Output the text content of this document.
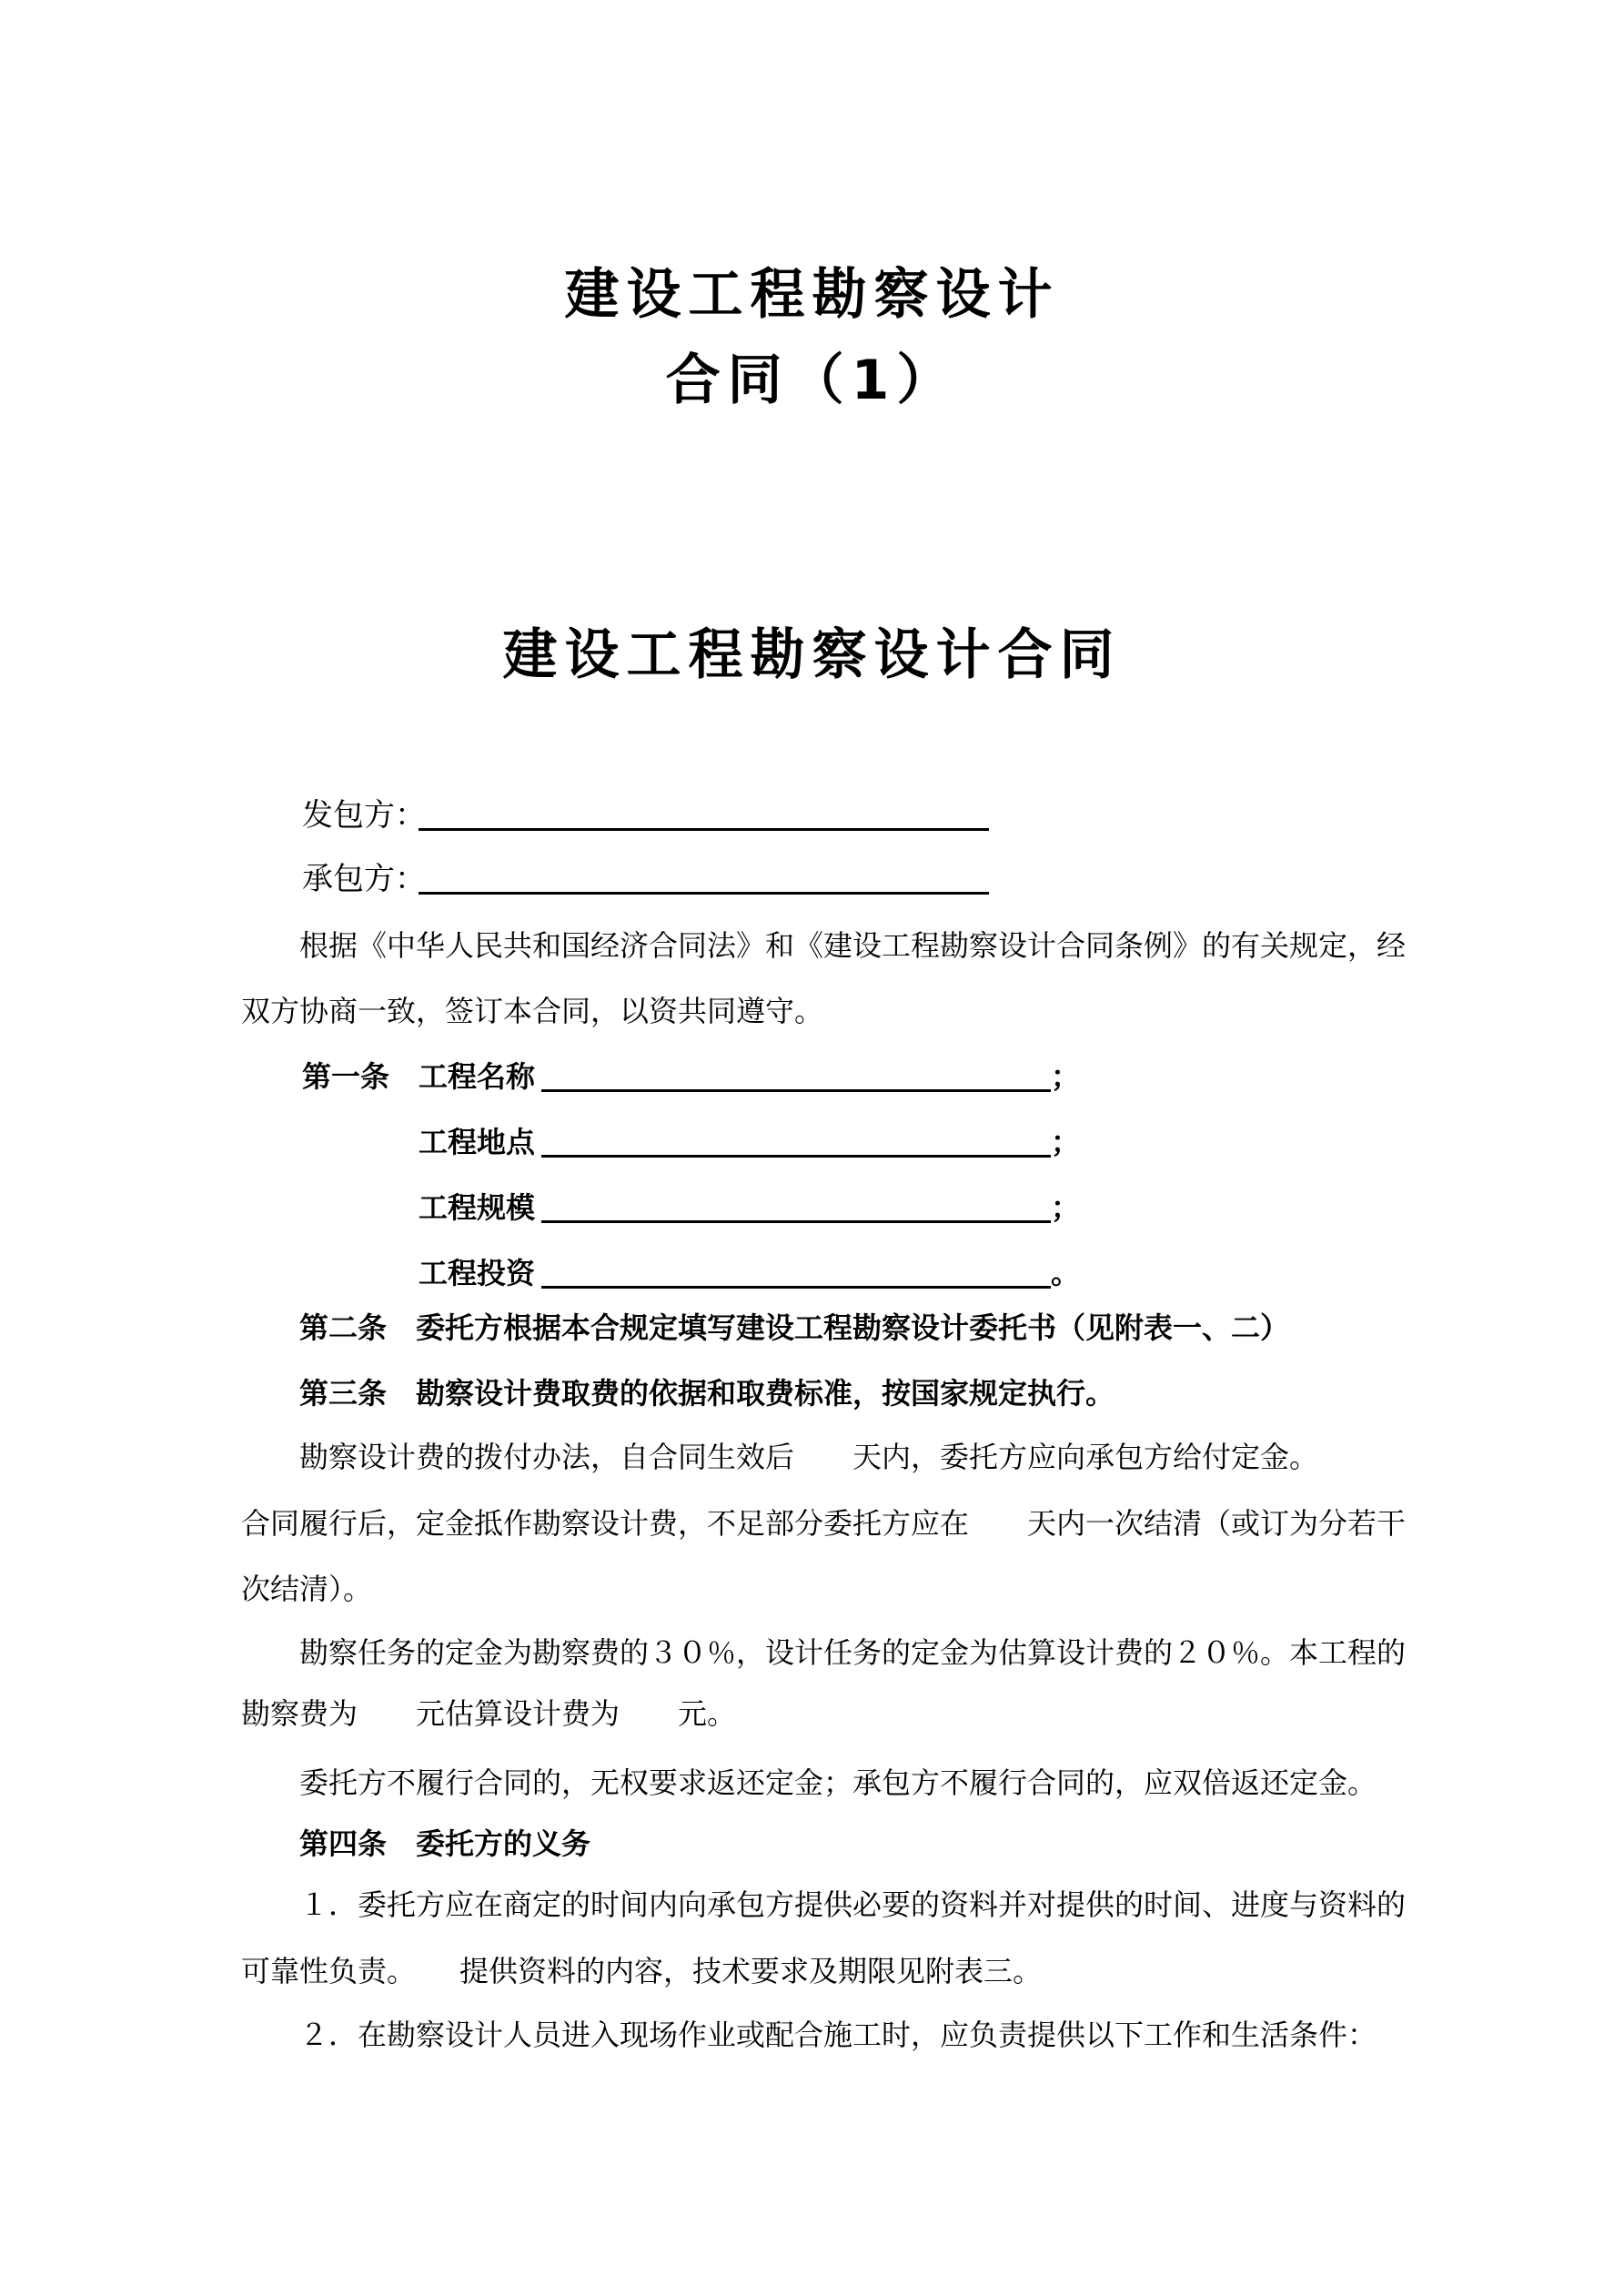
建设工程勘察设计
合同（1）
建设工程勘察设计合同
发包方：
承包方：
根据《中华人民共和国经济合同法》和《建设工程勘察设计合同条例》的有关规定，经
双方协商一致，签订本合同，以资共同遵守。
第一条 工程名称	；
工程地点	；
工程规模	；
工程投资	。
第二条　委托方根据本合规定填写建设工程勘察设计委托书（见附表一、二）
第三条　勘察设计费取费的依据和取费标准，按国家规定执行。
勘察设计费的拨付办法，自合同生效后　　天内，委托方应向承包方给付定金。
合同履行后，定金抵作勘察设计费，不足部分委托方应在　　天内一次结清（或订为分若干
次结清）。
勘察任务的定金为勘察费的３０％，设计任务的定金为估算设计费的２０％。本工程的
勘察费为　　元估算设计费为　　元。
委托方不履行合同的，无权要求返还定金；承包方不履行合同的，应双倍返还定金。
第四条　委托方的义务
１．委托方应在商定的时间内向承包方提供必要的资料并对提供的时间、进度与资料的
可靠性负责。　　提供资料的内容，技术要求及期限见附表三。
２．在勘察设计人员进入现场作业或配合施工时，应负责提供以下工作和生活条件：
